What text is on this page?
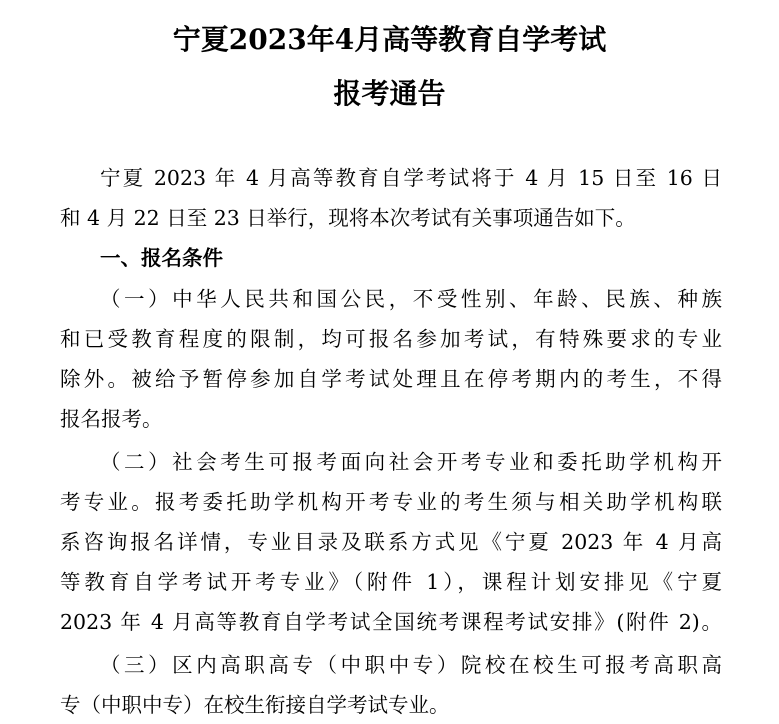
宁夏2023年4月高等教育自学考试
报考通告
宁夏 2023 年 4 月高等教育自学考试将于 4 月 15 日至 16 日
和 4 月 22 日至 23 日举行，现将本次考试有关事项通告如下。
一、报名条件
（一）中华人民共和国公民，不受性别、年龄、民族、种族
和已受教育程度的限制，均可报名参加考试，有特殊要求的专业
除外。被给予暂停参加自学考试处理且在停考期内的考生，不得
报名报考。
（二）社会考生可报考面向社会开考专业和委托助学机构开
考专业。报考委托助学机构开考专业的考生须与相关助学机构联
系咨询报名详情，专业目录及联系方式见《宁夏 2023 年 4 月高
等教育自学考试开考专业》（附件 1），课程计划安排见《宁夏
2023 年 4 月高等教育自学考试全国统考课程考试安排》(附件 2)。
（三）区内高职高专（中职中专）院校在校生可报考高职高
专（中职中专）在校生衔接自学考试专业。
